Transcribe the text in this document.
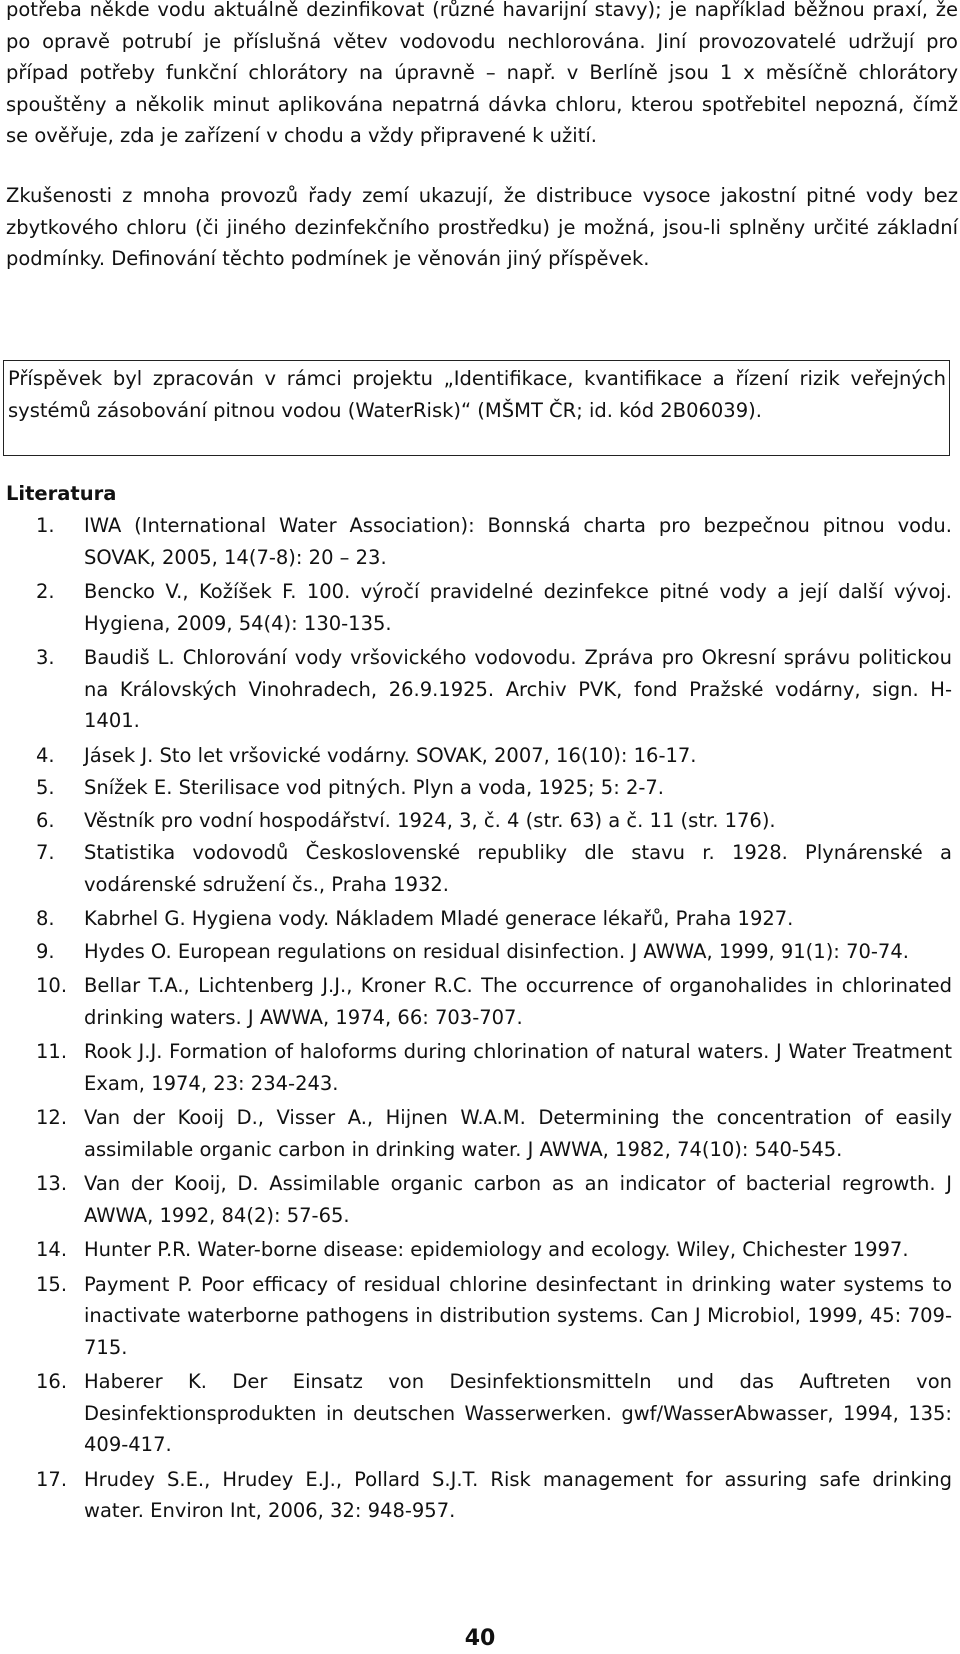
potřeba někde vodu aktuálně dezinfikovat (různé havarijní stavy); je například běžnou praxí, že po opravě potrubí je příslušná větev vodovodu nechlorována. Jiní provozovatelé udržují pro případ potřeby funkční chlorátory na úpravně – např. v Berlíně jsou 1 x měsíčně chlorátory spouštěny a několik minut aplikována nepatrná dávka chloru, kterou spotřebitel nepozná, čímž se ověřuje, zda je zařízení v chodu a vždy připravené k užití.

Zkušenosti z mnoha provozů řady zemí ukazují, že distribuce vysoce jakostní pitné vody bez zbytkového chloru (či jiného dezinfekčního prostředku) je možná, jsou-li splněny určité základní podmínky. Definování těchto podmínek je věnován jiný příspěvek.

Příspěvek byl zpracován v rámci projektu „Identifikace, kvantifikace a řízení rizik veřejných systémů zásobování pitnou vodou (WaterRisk)“ (MŠMT ČR; id. kód 2B06039).
Literatura
1. IWA (International Water Association): Bonnská charta pro bezpečnou pitnou vodu. SOVAK, 2005, 14(7-8): 20 – 23.
2. Bencko V., Kožíšek F. 100. výročí pravidelné dezinfekce pitné vody a její další vývoj. Hygiena, 2009, 54(4): 130-135.
3. Baudiš L. Chlorování vody vršovického vodovodu. Zpráva pro Okresní správu politickou na Královských Vinohradech, 26.9.1925. Archiv PVK, fond Pražské vodárny, sign. H-1401.
4. Jásek J. Sto let vršovické vodárny. SOVAK, 2007, 16(10): 16-17.
5. Snížek E. Sterilisace vod pitných. Plyn a voda, 1925; 5: 2-7.
6. Věstník pro vodní hospodářství. 1924, 3, č. 4 (str. 63) a č. 11 (str. 176).
7. Statistika vodovodů Československé republiky dle stavu r. 1928. Plynárenské a vodárenské sdružení čs., Praha 1932.
8. Kabrhel G. Hygiena vody. Nákladem Mladé generace lékařů, Praha 1927.
9. Hydes O. European regulations on residual disinfection. J AWWA, 1999, 91(1): 70-74.
10. Bellar T.A., Lichtenberg J.J., Kroner R.C. The occurrence of organohalides in chlorinated drinking waters. J AWWA, 1974, 66: 703-707.
11. Rook J.J. Formation of haloforms during chlorination of natural waters. J Water Treatment Exam, 1974, 23: 234-243.
12. Van der Kooij D., Visser A., Hijnen W.A.M. Determining the concentration of easily assimilable organic carbon in drinking water. J AWWA, 1982, 74(10): 540-545.
13. Van der Kooij, D. Assimilable organic carbon as an indicator of bacterial regrowth. J AWWA, 1992, 84(2): 57-65.
14. Hunter P.R. Water-borne disease: epidemiology and ecology. Wiley, Chichester 1997.
15. Payment P. Poor efficacy of residual chlorine desinfectant in drinking water systems to inactivate waterborne pathogens in distribution systems. Can J Microbiol, 1999, 45: 709-715.
16. Haberer K. Der Einsatz von Desinfektionsmitteln und das Auftreten von Desinfektionsprodukten in deutschen Wasserwerken. gwf/WasserAbwasser, 1994, 135: 409-417.
17. Hrudey S.E., Hrudey E.J., Pollard S.J.T. Risk management for assuring safe drinking water. Environ Int, 2006, 32: 948-957.
40
